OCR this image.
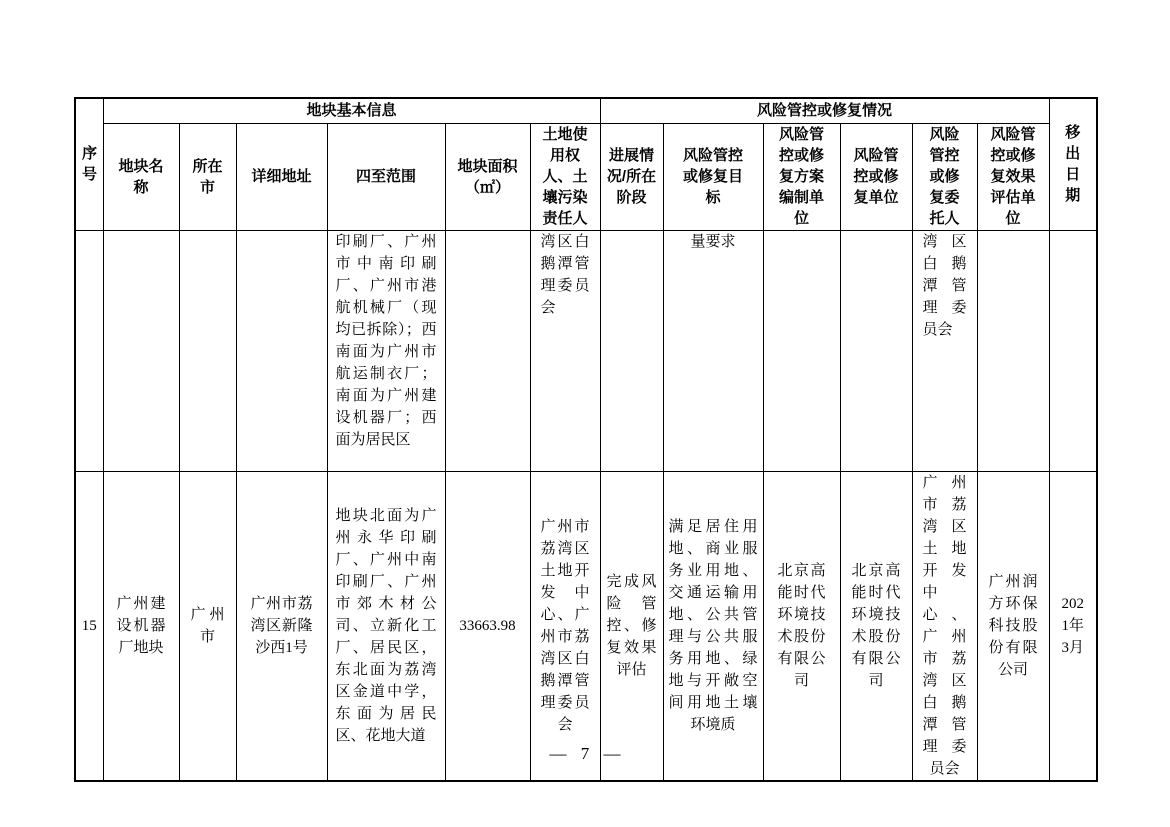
序号	地块基本信息						风险管控或修复情况						移出日期
	地块名称	所在市	详细地址	四至范围	地块面积（㎡）	土地使用权人、土壤污染责任人	进展情况/所在阶段	风险管控或修复目标	风险管控或修复方案编制单位	风险管控或修复单位	风险管控或修复委托人	风险管控或修复效果评估单位	
				印刷厂、广州市中南印刷厂、广州市港航机械厂（现均已拆除）；西南面为广州市航运制衣厂；南面为广州建设机器厂；西面为居民区		湾区白鹅潭管理委员会		量要求			湾区白鹅潭管理委员会		
15	广州建设机器厂地块	广州市	广州市荔湾区新隆沙西1号	地块北面为广州永华印刷厂、广州中南印刷厂、广州市郊木材公司、立新化工厂、居民区，东北面为荔湾区金道中学，东面为居民区、花地大道	33663.98	广州市荔湾区土地开发中心、广州市荔湾区白鹅潭管理委员会	完成风险管控、修复效果评估	满足居住用地、商业服务业用地、交通运输用地、公共管理与公共服务用地、绿地与开敞空间用地土壤环境质	北京高能时代环境技术股份有限公司	北京高能时代环境技术股份有限公司	广州市荔湾区土地开发中心、广州市荔湾区白鹅潭管理委员会	广州润方环保科技股份有限公司	2021年3月
— 7 —
